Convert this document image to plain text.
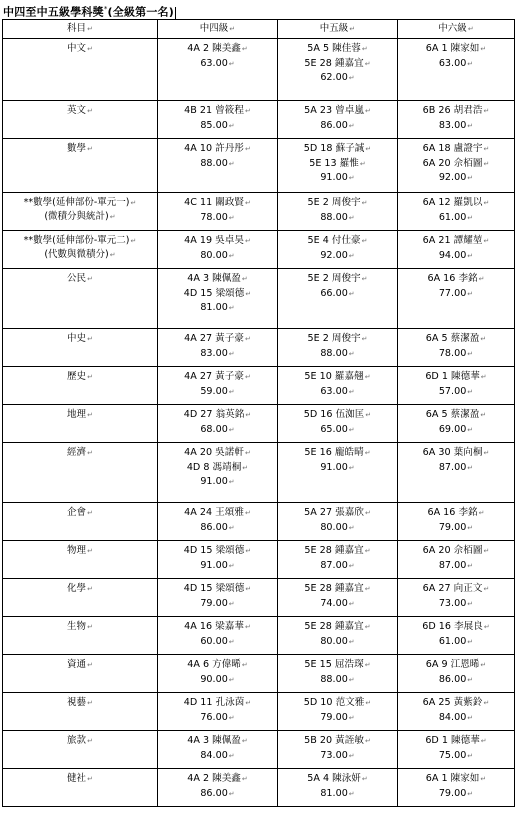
中四至中五級學科獎*(全級第一名)
科目↵	中四級↵	中五級↵	中六級↵

中文↵	4A 2 陳美鑫↵
63.00↵	5A 5 陳佳蓉↵
5E 28 鍾嘉宜↵
62.00↵	6A 1 陳家如↵
63.00↵

英文↵	4B 21 曾筱程↵
85.00↵	5A 23 曾卓嵐↵
86.00↵	6B 26 胡君浩↵
83.00↵

數學↵	4A 10 許丹彤↵
88.00↵	5D 18 蘇子誠↵
5E 13 羅惟↵
91.00↵	6A 18 盧證宇↵
6A 20 佘栢圖↵
92.00↵

**數學(延伸部份-單元一)↵
(微積分與統計)↵	4C 11 關政賢↵
78.00↵	5E 2 周俊宇↵
88.00↵	6A 12 羅凱以↵
61.00↵

**數學(延伸部份-單元二)↵
(代數與微積分)↵	4A 19 吳卓昊↵
80.00↵	5E 4 付仕豪↵
92.00↵	6A 21 譚耀堃↵
94.00↵

公民↵	4A 3 陳佩盈↵
4D 15 梁頌德↵
81.00↵	5E 2 周俊宇↵
66.00↵	6A 16 李銘↵
77.00↵

中史↵	4A 27 黃子豪↵
83.00↵	5E 2 周俊宇↵
88.00↵	6A 5 蔡潔盈↵
78.00↵

歷史↵	4A 27 黃子豪↵
59.00↵	5E 10 羅嘉翹↵
63.00↵	6D 1 陳德華↵
57.00↵

地理↵	4D 27 翁英銘↵
68.00↵	5D 16 伍洳匡↵
65.00↵	6A 5 蔡潔盈↵
69.00↵

經濟↵	4A 20 吳諾軒↵
4D 8 馮靖桐↵
91.00↵	5E 16 龐皓晴↵
91.00↵	6A 30 葉向桐↵
87.00↵

企會↵	4A 24 王頌雅↵
86.00↵	5A 27 張嘉欣↵
80.00↵	6A 16 李銘↵
79.00↵

物理↵	4D 15 梁頌德↵
91.00↵	5E 28 鍾嘉宜↵
87.00↵	6A 20 佘栢圖↵
87.00↵

化學↵	4D 15 梁頌德↵
79.00↵	5E 28 鍾嘉宜↵
74.00↵	6A 27 向正文↵
73.00↵

生物↵	4A 16 梁嘉華↵
60.00↵	5E 28 鍾嘉宜↵
80.00↵	6D 16 李展良↵
61.00↵

資通↵	4A 6 方偉晞↵
90.00↵	5E 15 屈浩琛↵
88.00↵	6A 9 江恩晞↵
86.00↵

視藝↵	4D 11 孔泳茵↵
76.00↵	5D 10 范文雅↵
79.00↵	6A 25 黃紫鈴↵
84.00↵

旅款↵	4A 3 陳佩盈↵
84.00↵	5B 20 黃誈敏↵
73.00↵	6D 1 陳德華↵
75.00↵

健社↵	4A 2 陳美鑫↵
86.00↵	5A 4 陳泳妍↵
81.00↵	6A 1 陳家如↵
79.00↵
